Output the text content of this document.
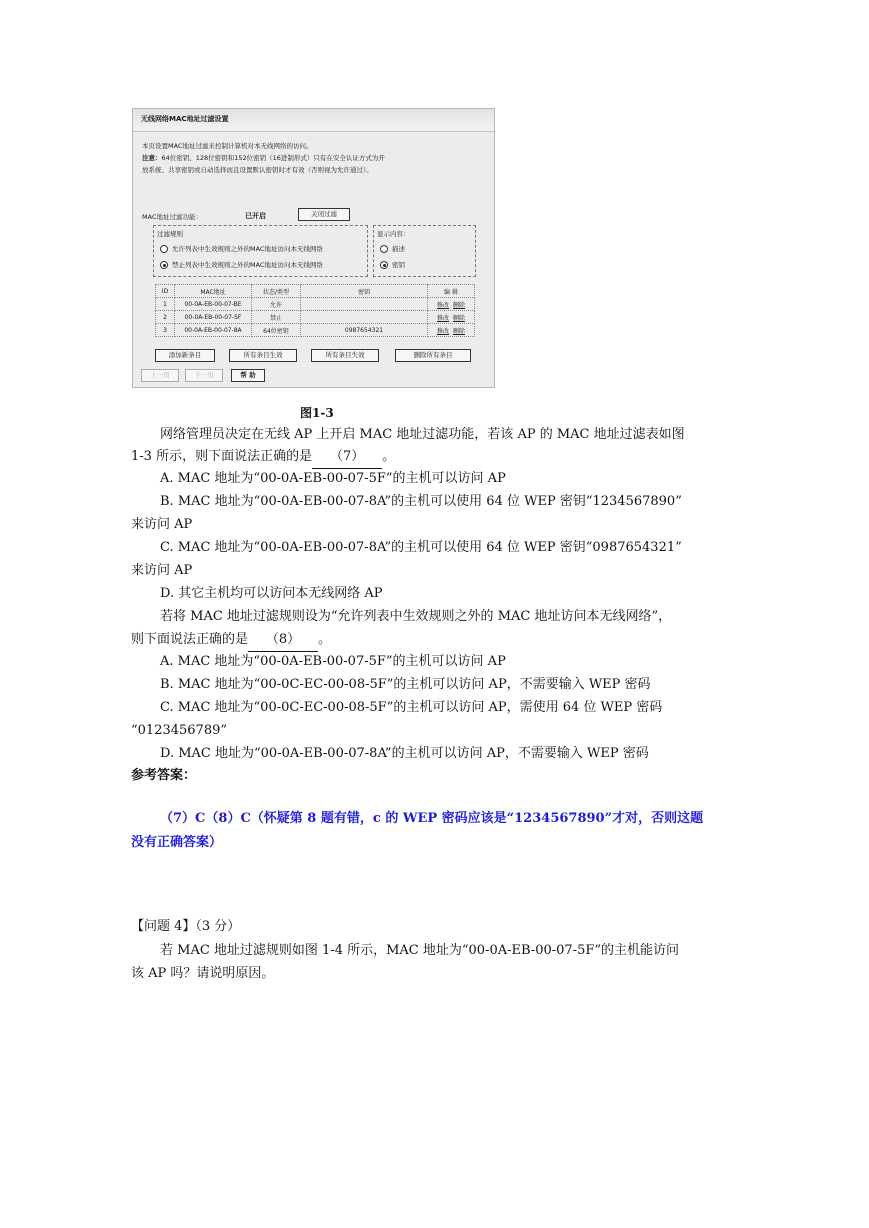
无线网络MAC地址过滤设置
本页设置MAC地址过滤来控制计算机对本无线网络的访问。
注意：64位密钥、128位密钥和152位密钥（16进制形式）只有在安全认证方式为开
放系统、共享密钥或自动选择而且设置默认密钥时才有效（否则视为允许通过）。
MAC地址过滤功能：	已开启	关闭过滤
过滤规则
允许列表中生效规则之外的MAC地址访问本无线网络
禁止列表中生效规则之外的MAC地址访问本无线网络
显示内容：
描述
密钥
ID	MAC地址	状态/类型	密钥	编 辑
1	00-0A-EB-00-07-BE	允许		修改 删除
2	00-0A-EB-00-07-5F	禁止		修改 删除
3	00-0A-EB-00-07-8A	64位密钥	0987654321	修改 删除
添加新条目	所有条目生效	所有条目失效	删除所有条目
上一页	下一页	帮 助
图1-3
网络管理员决定在无线 AP 上开启 MAC 地址过滤功能，若该 AP 的 MAC 地址过滤表如图
1-3 所示，则下面说法正确的是 （7） 。
A. MAC 地址为“00-0A-EB-00-07-5F”的主机可以访问 AP
B. MAC 地址为“00-0A-EB-00-07-8A”的主机可以使用 64 位 WEP 密钥“1234567890”
来访问 AP
C. MAC 地址为“00-0A-EB-00-07-8A”的主机可以使用 64 位 WEP 密钥“0987654321”
来访问 AP
D. 其它主机均可以访问本无线网络 AP
若将 MAC 地址过滤规则设为“允许列表中生效规则之外的 MAC 地址访问本无线网络”，
则下面说法正确的是 （8） 。
A. MAC 地址为“00-0A-EB-00-07-5F”的主机可以访问 AP
B. MAC 地址为“00-0C-EC-00-08-5F”的主机可以访问 AP，不需要输入 WEP 密码
C. MAC 地址为“00-0C-EC-00-08-5F”的主机可以访问 AP，需使用 64 位 WEP 密码
“0123456789”
D. MAC 地址为“00-0A-EB-00-07-8A”的主机可以访问 AP，不需要输入 WEP 密码
参考答案：
（7）C（8）C（怀疑第 8 题有错，c 的 WEP 密码应该是“1234567890”才对，否则这题
没有正确答案）
【问题 4】（3 分）
若 MAC 地址过滤规则如图 1-4 所示，MAC 地址为“00-0A-EB-00-07-5F”的主机能访问
该 AP 吗？请说明原因。
